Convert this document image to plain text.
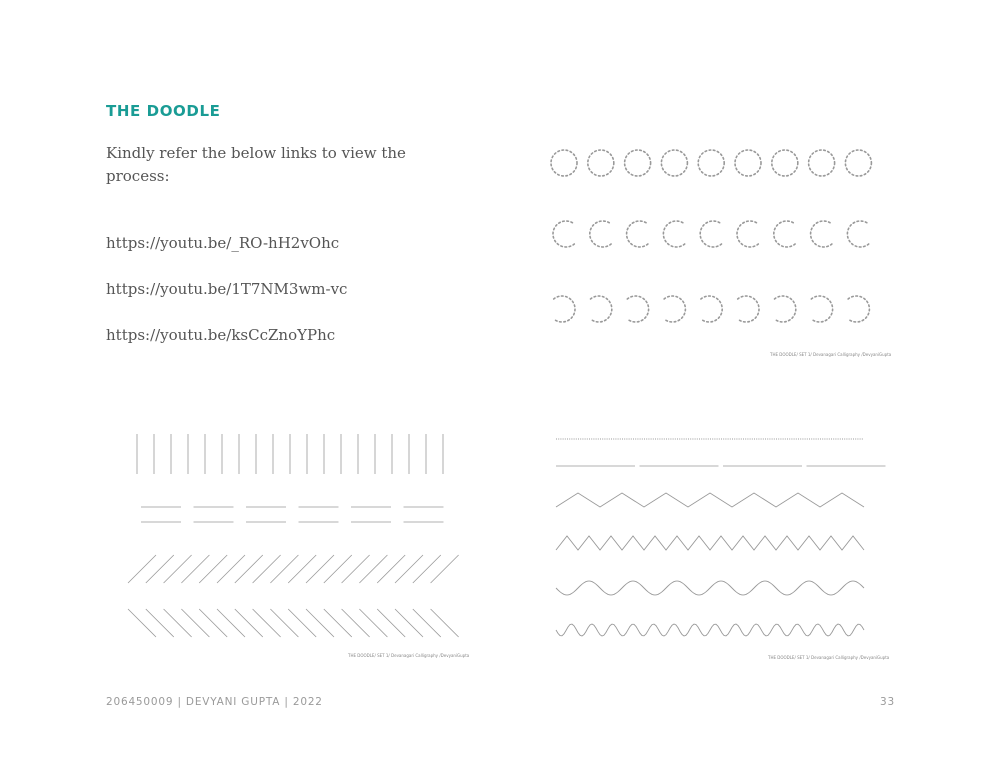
THE DOODLE
Kindly refer the below links to view the process:
https://youtu.be/_RO-hH2vOhc
https://youtu.be/1T7NM3wm-vc
https://youtu.be/ksCcZnoYPhc
THE DOODLE/ SET 1/ Devanagari Calligraphy /DevyaniGupta
THE DOODLE/ SET 1/ Devanagari Calligraphy /DevyaniGupta	THE DOODLE/ SET 1/ Devanagari Calligraphy /DevyaniGupta
206450009 | DEVYANI GUPTA | 2022	33
